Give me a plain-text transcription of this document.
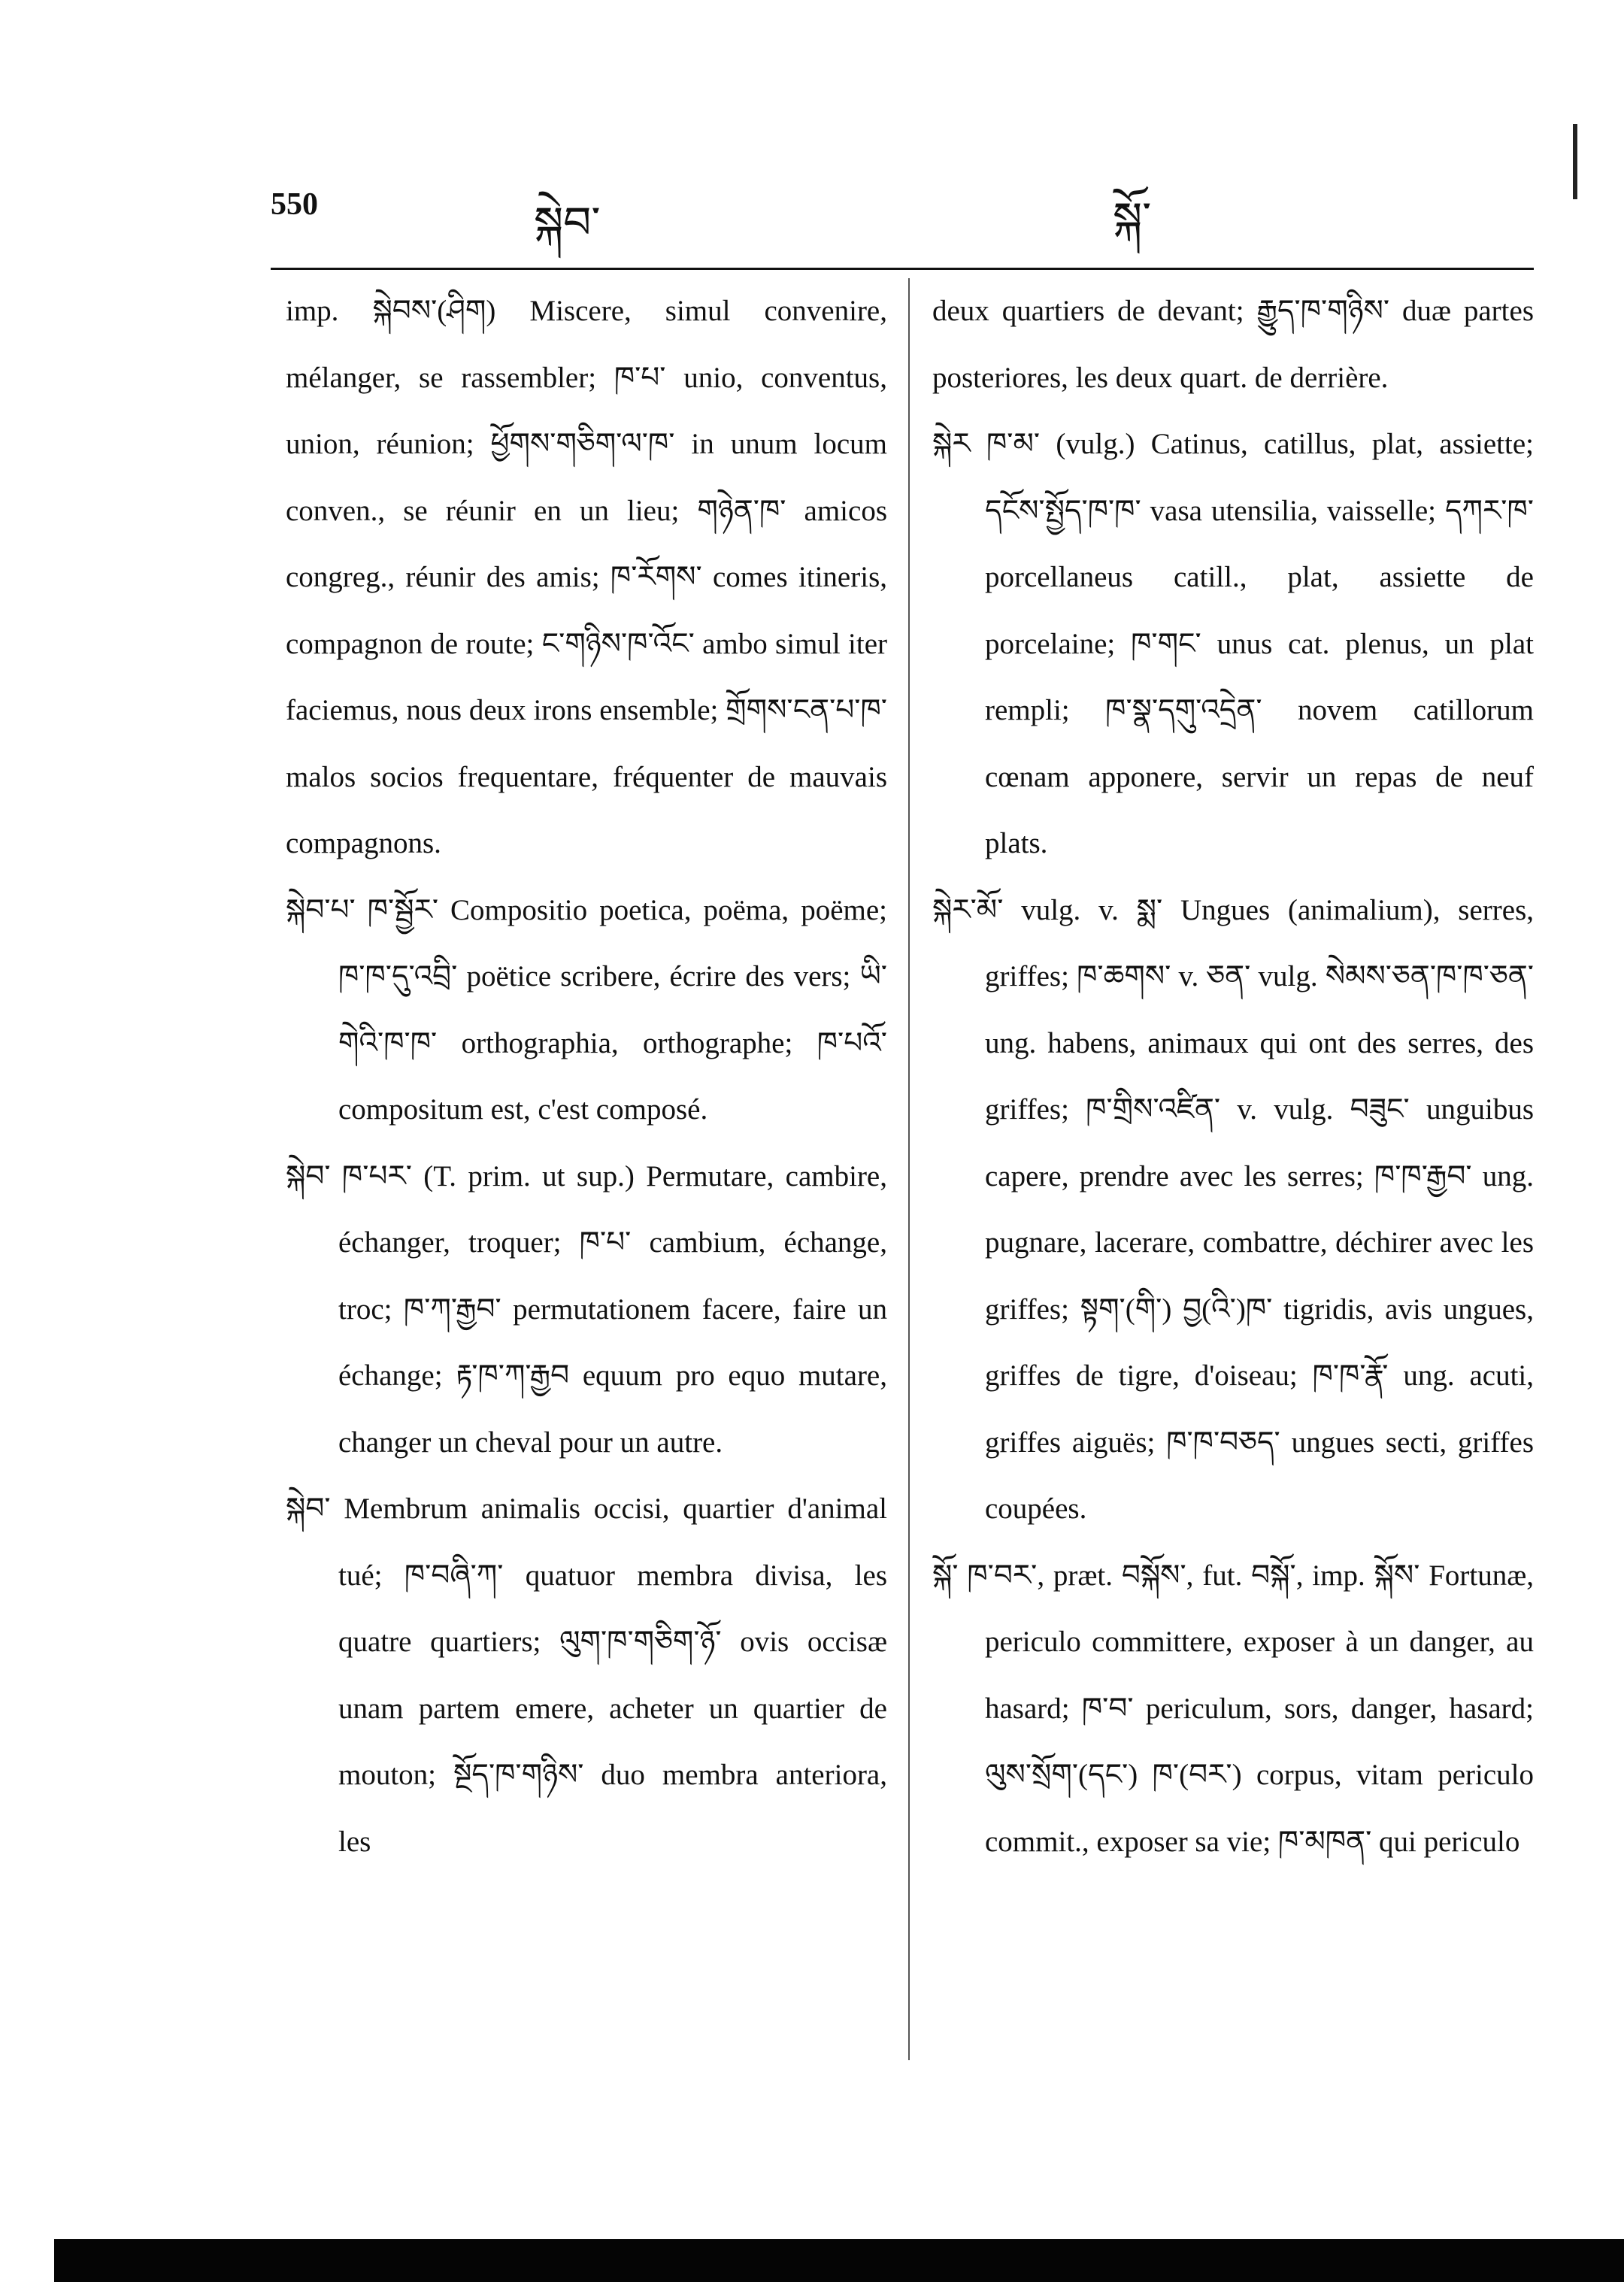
550	སྐེབ་	སྐོ་

imp. སྐེབས་(ཤིག) Miscere, simul convenire, mélanger, se rassembler; ཁ་པ་ unio, conventus, union, réunion; ཕྱོགས་གཅིག་ལ་ཁ་ in unum locum conven., se réunir en un lieu; གཉེན་ཁ་ amicos congreg., réunir des amis; ཁ་རོགས་ comes itineris, compagnon de route; ང་གཉིས་ཁ་འོང་ ambo simul iter faciemus, nous deux irons ensemble; གྲོགས་ངན་པ་ཁ་ malos socios frequentare, fréquenter de mauvais compagnons.

སྐེབ་པ་ ཁ་སྦྱོར་ Compositio poetica, poëma, poëme; ཁ་ཁ་དུ་འབྲི་ poëtice scribere, écrire des vers; ཡི་གེའི་ཁ་ཁ་ orthographia, orthographe; ཁ་པའོ་ compositum est, c'est composé.

སྐེབ་ ཁ་པར་ (T. prim. ut sup.) Permutare, cambire, échanger, troquer; ཁ་པ་ cambium, échange, troc; ཁ་ཀ་རྒྱབ་ permutationem facere, faire un échange; རྟ་ཁ་ཀ་རྒྱབ equum pro equo mutare, changer un cheval pour un autre.

སྐེབ་ Membrum animalis occisi, quartier d'animal tué; ཁ་བཞི་ཀ་ quatuor membra divisa, les quatre quartiers; ལུག་ཁ་གཅིག་ཉོ་ ovis occisæ unam partem emere, acheter un quartier de mouton; སྔོད་ཁ་གཉིས་ duo membra anteriora, les

deux quartiers de devant; རྒྱུད་ཁ་གཉིས་ duæ partes posteriores, les deux quart. de derrière.

སྐེར ཁ་མ་ (vulg.) Catinus, catillus, plat, assiette; དངོས་སྤྱོད་ཁ་ཁ་ vasa utensilia, vaisselle; དཀར་ཁ་ porcellaneus catill., plat, assiette de porcelaine; ཁ་གང་ unus cat. plenus, un plat rempli; ཁ་སྣ་དགུ་འདྲེན་ novem catillorum cœnam apponere, servir un repas de neuf plats.

སྐེར་མོ་ vulg. v. སྨ་ Ungues (animalium), serres, griffes; ཁ་ཆགས་ v. ཅན་ vulg. སེམས་ཅན་ཁ་ཁ་ཅན་ ung. habens, animaux qui ont des serres, des griffes; ཁ་གྲིས་འཛིན་ v. vulg. བཟུང་ unguibus capere, prendre avec les serres; ཁ་ཁ་རྒྱབ་ ung. pugnare, lacerare, combattre, déchirer avec les griffes; སྟག་(གི་) བྱ(འི་)ཁ་ tigridis, avis ungues, griffes de tigre, d'oiseau; ཁ་ཁ་རྣོ་ ung. acuti, griffes aiguës; ཁ་ཁ་བཅད་ ungues secti, griffes coupées.

སྐོ་ ཁ་བར་, præt. བསྐོས་, fut. བསྐོ་, imp. སྐོས་ Fortunæ, periculo committere, exposer à un danger, au hasard; ཁ་བ་ periculum, sors, danger, hasard; ལུས་སྲོག་(དང་) ཁ་(བར་) corpus, vitam periculo commit., exposer sa vie; ཁ་མཁན་ qui periculo
